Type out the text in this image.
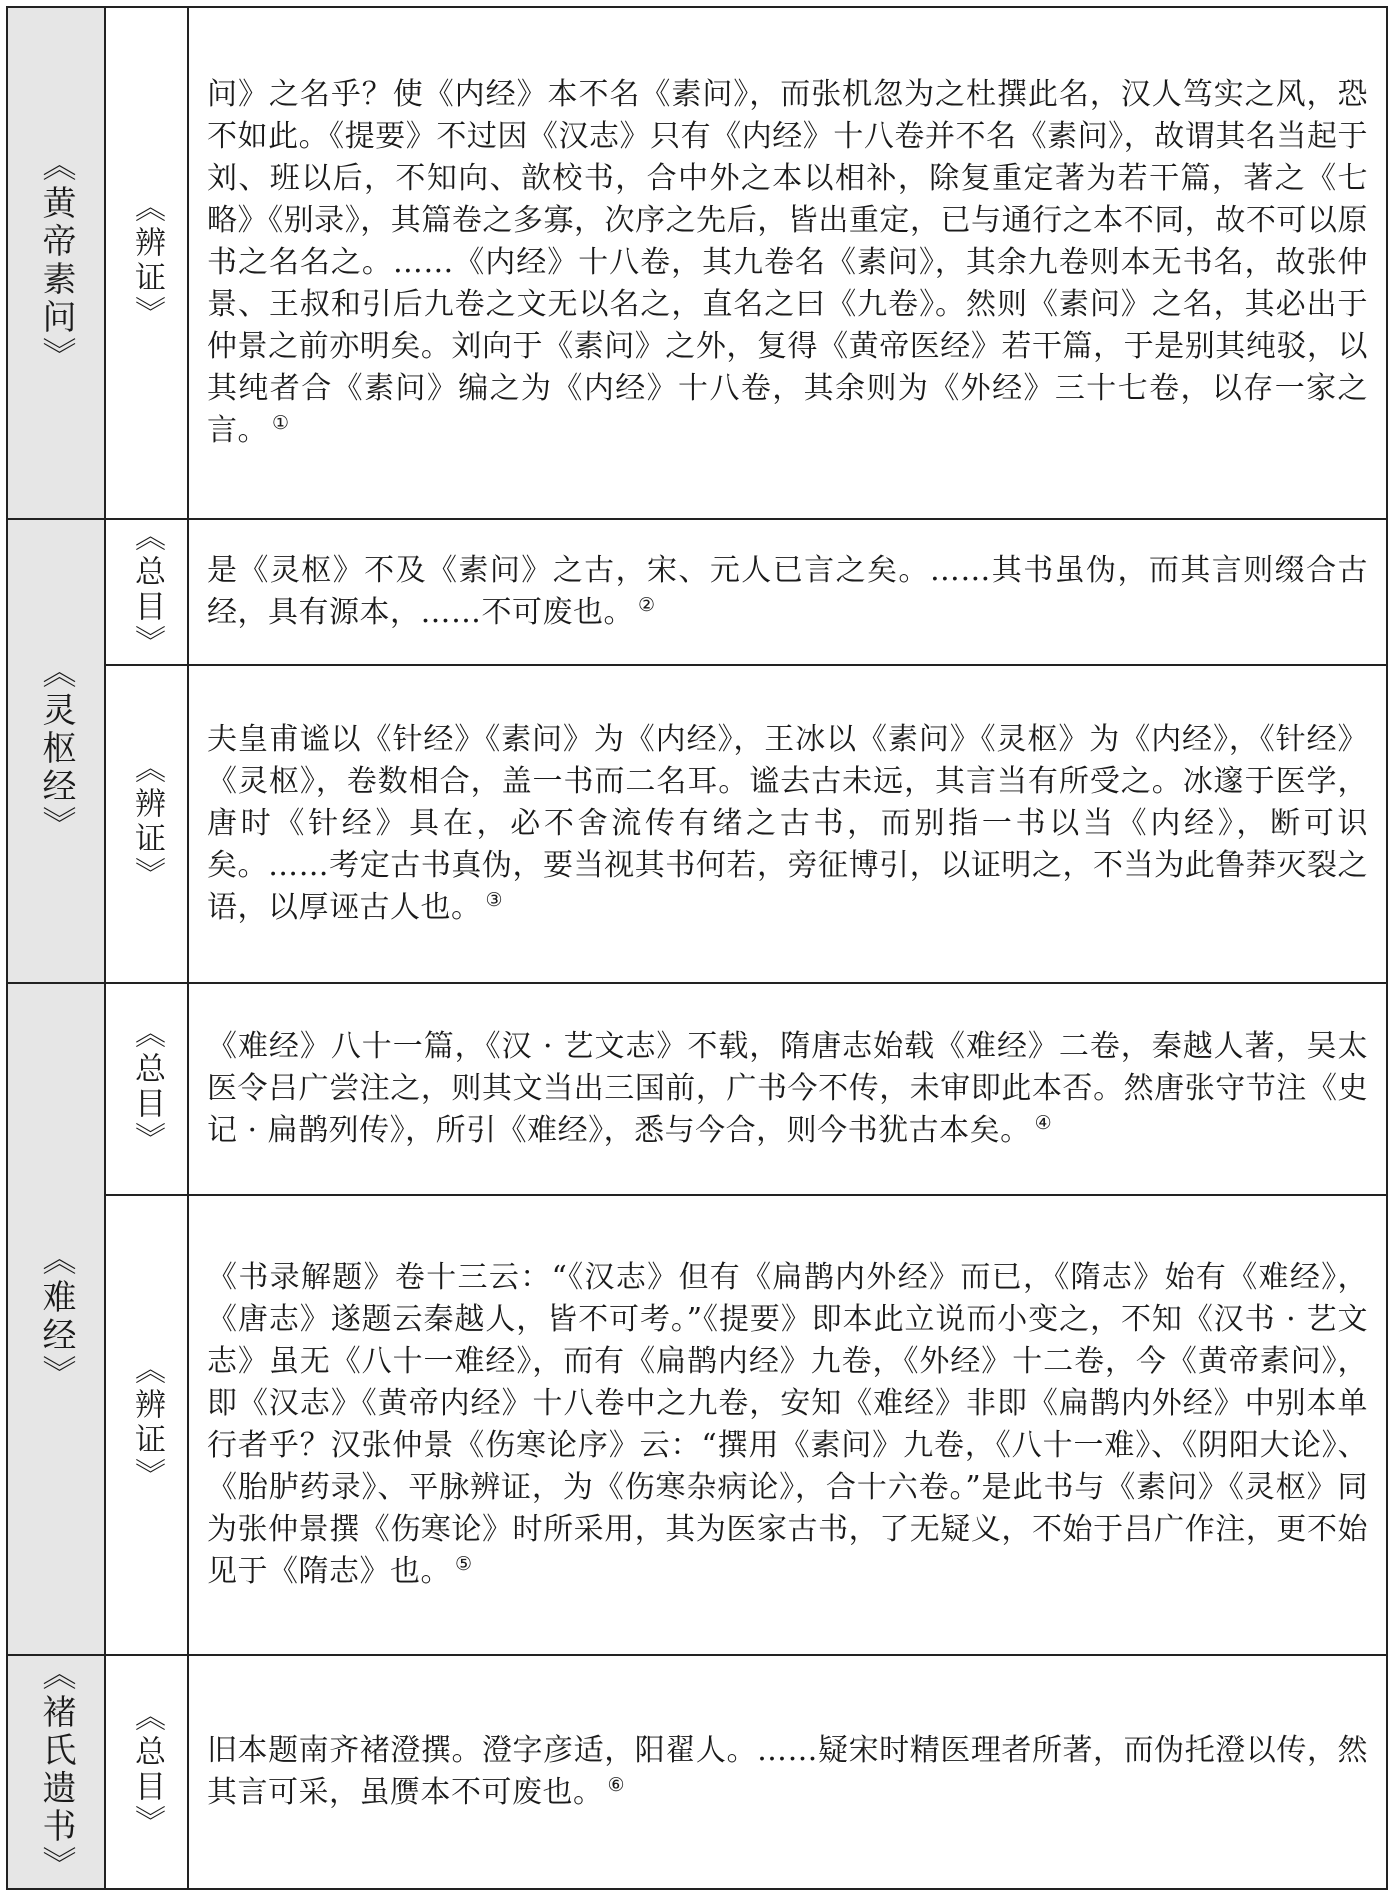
《黄帝素问》	《辨证》	问》之名乎？使《内经》本不名《素问》，而张机忽为之杜撰此名，汉人笃实之风，恐不如此。《提要》不过因《汉志》只有《内经》十八卷并不名《素问》，故谓其名当起于刘、班以后，不知向、歆校书，合中外之本以相补，除复重定著为若干篇，著之《七略》《别录》，其篇卷之多寡，次序之先后，皆出重定，已与通行之本不同，故不可以原书之名名之。……《内经》十八卷，其九卷名《素问》，其余九卷则本无书名，故张仲景、王叔和引后九卷之文无以名之，直名之曰《九卷》。然则《素问》之名，其必出于仲景之前亦明矣。刘向于《素问》之外，复得《黄帝医经》若干篇，于是别其纯驳，以其纯者合《素问》编之为《内经》十八卷，其余则为《外经》三十七卷，以存一家之言。 ①
《灵枢经》	《总目》	是《灵枢》不及《素问》之古，宋、元人已言之矣。……其书虽伪，而其言则缀合古经，具有源本，……不可废也。 ②
	《辨证》	夫皇甫谧以《针经》《素问》为《内经》，王冰以《素问》《灵枢》为《内经》，《针经》《灵枢》，卷数相合，盖一书而二名耳。谧去古未远，其言当有所受之。冰邃于医学，唐时《针经》具在，必不舍流传有绪之古书，而别指一书以当《内经》，断可识矣。……考定古书真伪，要当视其书何若，旁征博引，以证明之，不当为此鲁莽灭裂之语，以厚诬古人也。 ③
《难经》	《总目》	《难经》八十一篇，《汉 · 艺文志》不载，隋唐志始载《难经》二卷，秦越人著，吴太医令吕广尝注之，则其文当出三国前，广书今不传，未审即此本否。然唐张守节注《史记 · 扁鹊列传》，所引《难经》，悉与今合，则今书犹古本矣。 ④
	《辨证》	《书录解题》卷十三云：“《汉志》但有《扁鹊内外经》而已，《隋志》始有《难经》，《唐志》遂题云秦越人，皆不可考。”《提要》即本此立说而小变之，不知《汉书 · 艺文志》虽无《八十一难经》，而有《扁鹊内经》九卷，《外经》十二卷，今《黄帝素问》，即《汉志》《黄帝内经》十八卷中之九卷，安知《难经》非即《扁鹊内外经》中别本单行者乎？汉张仲景《伤寒论序》云：“撰用《素问》九卷，《八十一难》、《阴阳大论》、《胎胪药录》、平脉辨证，为《伤寒杂病论》，合十六卷。”是此书与《素问》《灵枢》同为张仲景撰《伤寒论》时所采用，其为医家古书，了无疑义，不始于吕广作注，更不始见于《隋志》也。 ⑤
《褚氏遗书》	《总目》	旧本题南齐褚澄撰。澄字彦适，阳翟人。……疑宋时精医理者所著，而伪托澄以传，然其言可采，虽赝本不可废也。 ⑥
